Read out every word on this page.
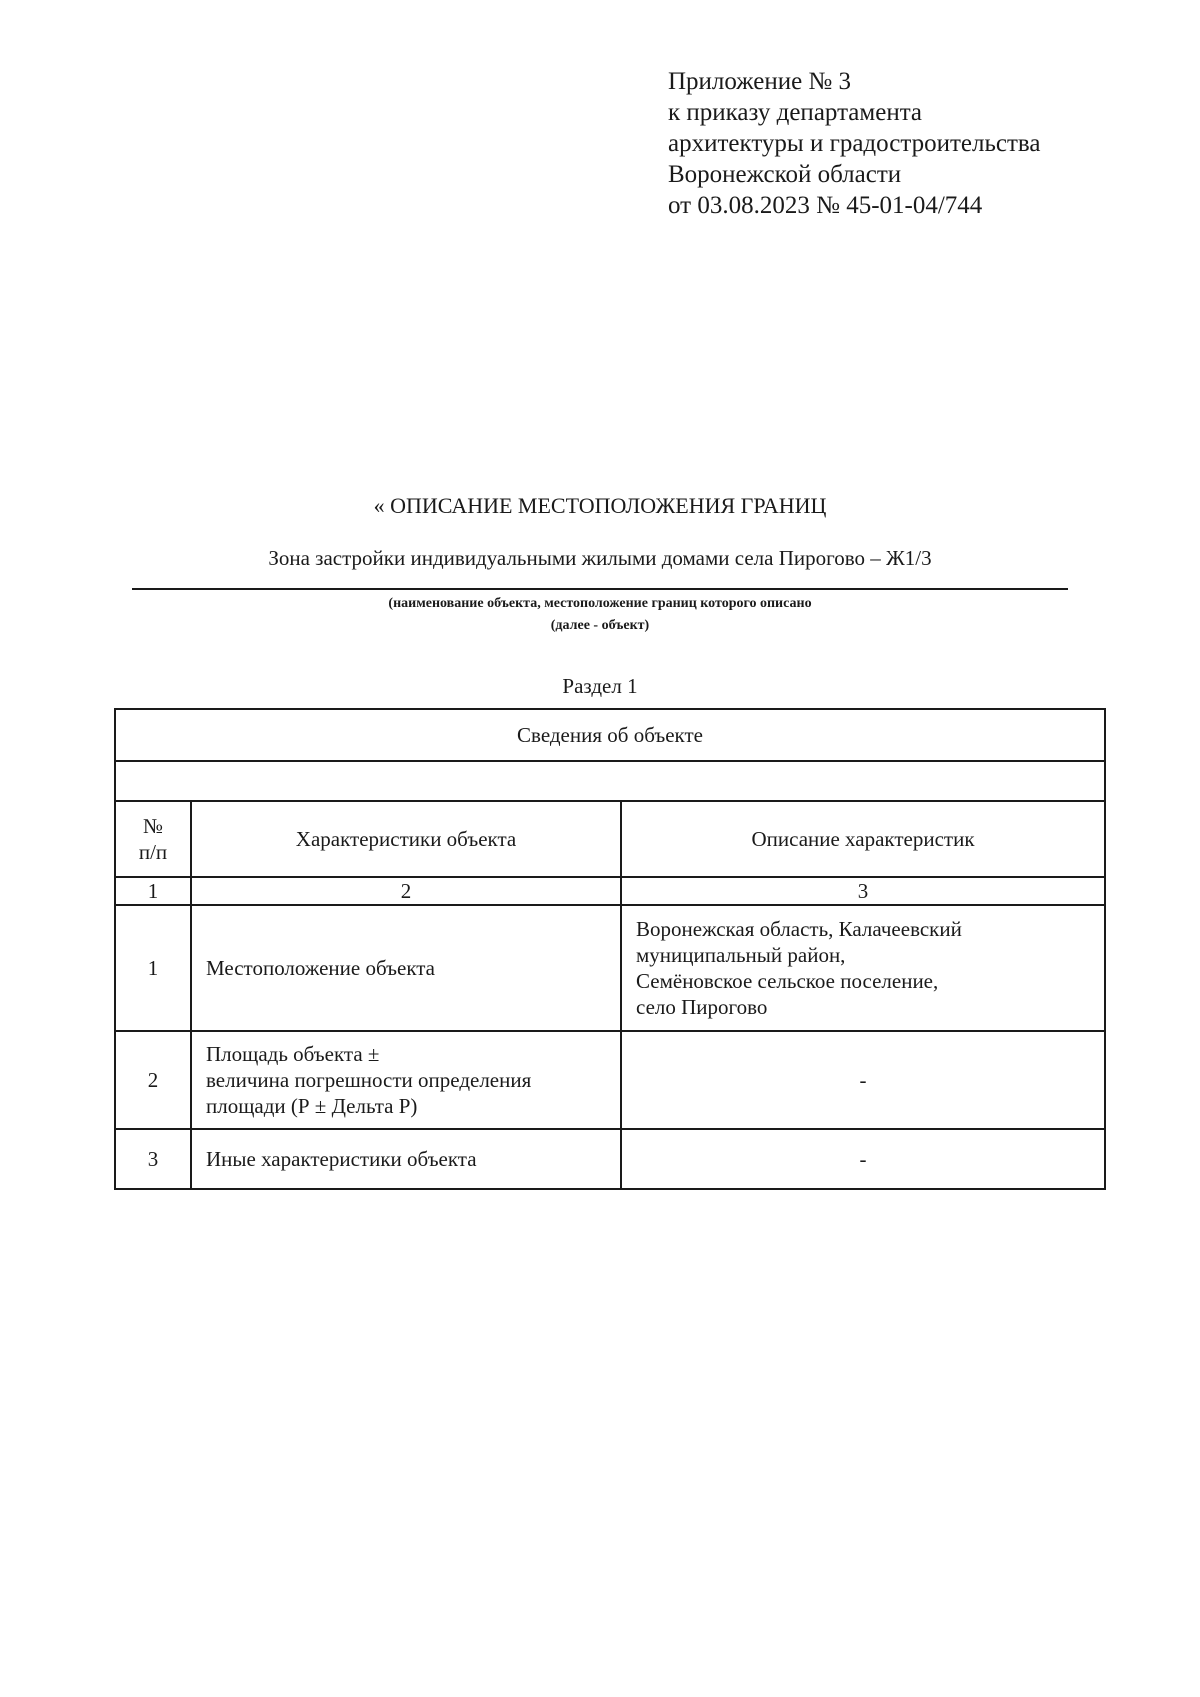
Приложение № 3
к приказу департамента
архитектуры и градостроительства
Воронежской области
от 03.08.2023 № 45-01-04/744
« ОПИСАНИЕ МЕСТОПОЛОЖЕНИЯ ГРАНИЦ
Зона застройки индивидуальными жилыми домами села Пирогово – Ж1/3
(наименование объекта, местоположение границ которого описано
(далее - объект)
Раздел 1
Сведения об объекте		

№
п/п	Характеристики объекта	Описание характеристик
1	2	3
1	Местоположение объекта	Воронежская область, Калачеевский
муниципальный район,
Семёновское сельское поселение,
село Пирогово

2	Площадь объекта ±
величина погрешности определения
площади (Р ± Дельта Р)	-
3	Иные характеристики объекта	-
